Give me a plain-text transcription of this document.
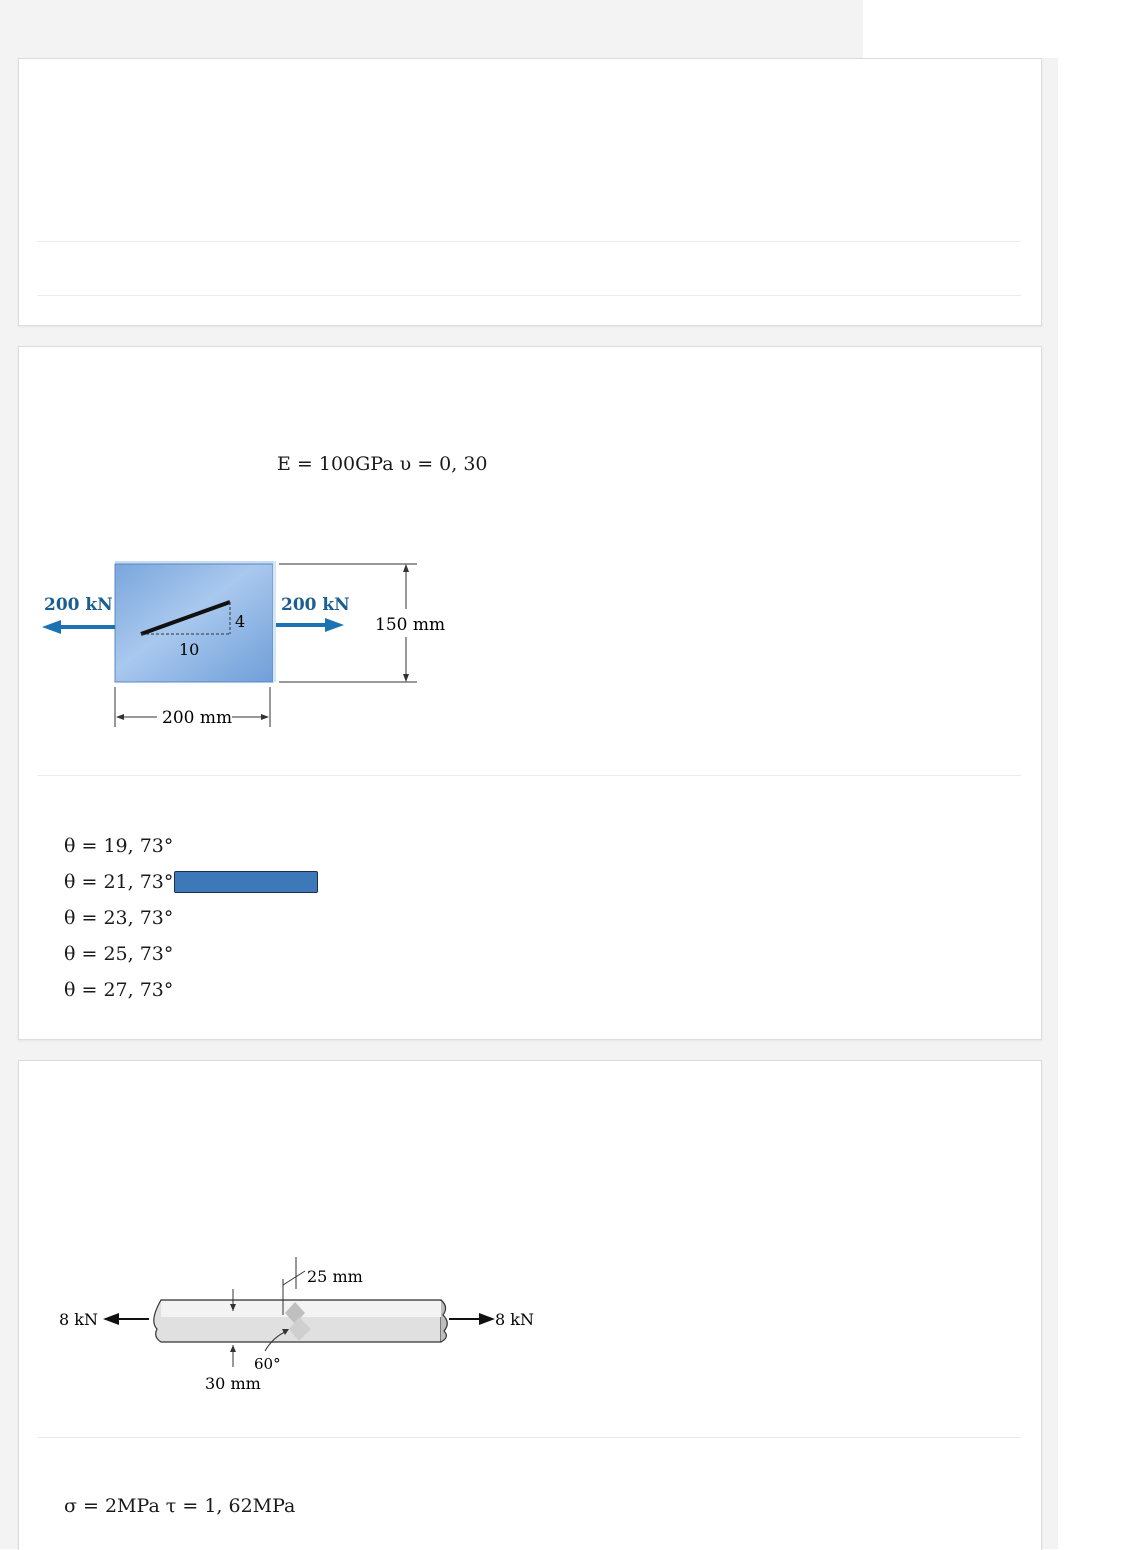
E = 100GPa υ = 0, 30
4
10
200 kN	200 kN
150 mm
200 mm
θ = 19, 73°
θ = 21, 73°
θ = 23, 73°
θ = 25, 73°
θ = 27, 73°
8 kN	8 kN
25 mm
30 mm
60°
σ = 2MPa τ = 1, 62MPa
